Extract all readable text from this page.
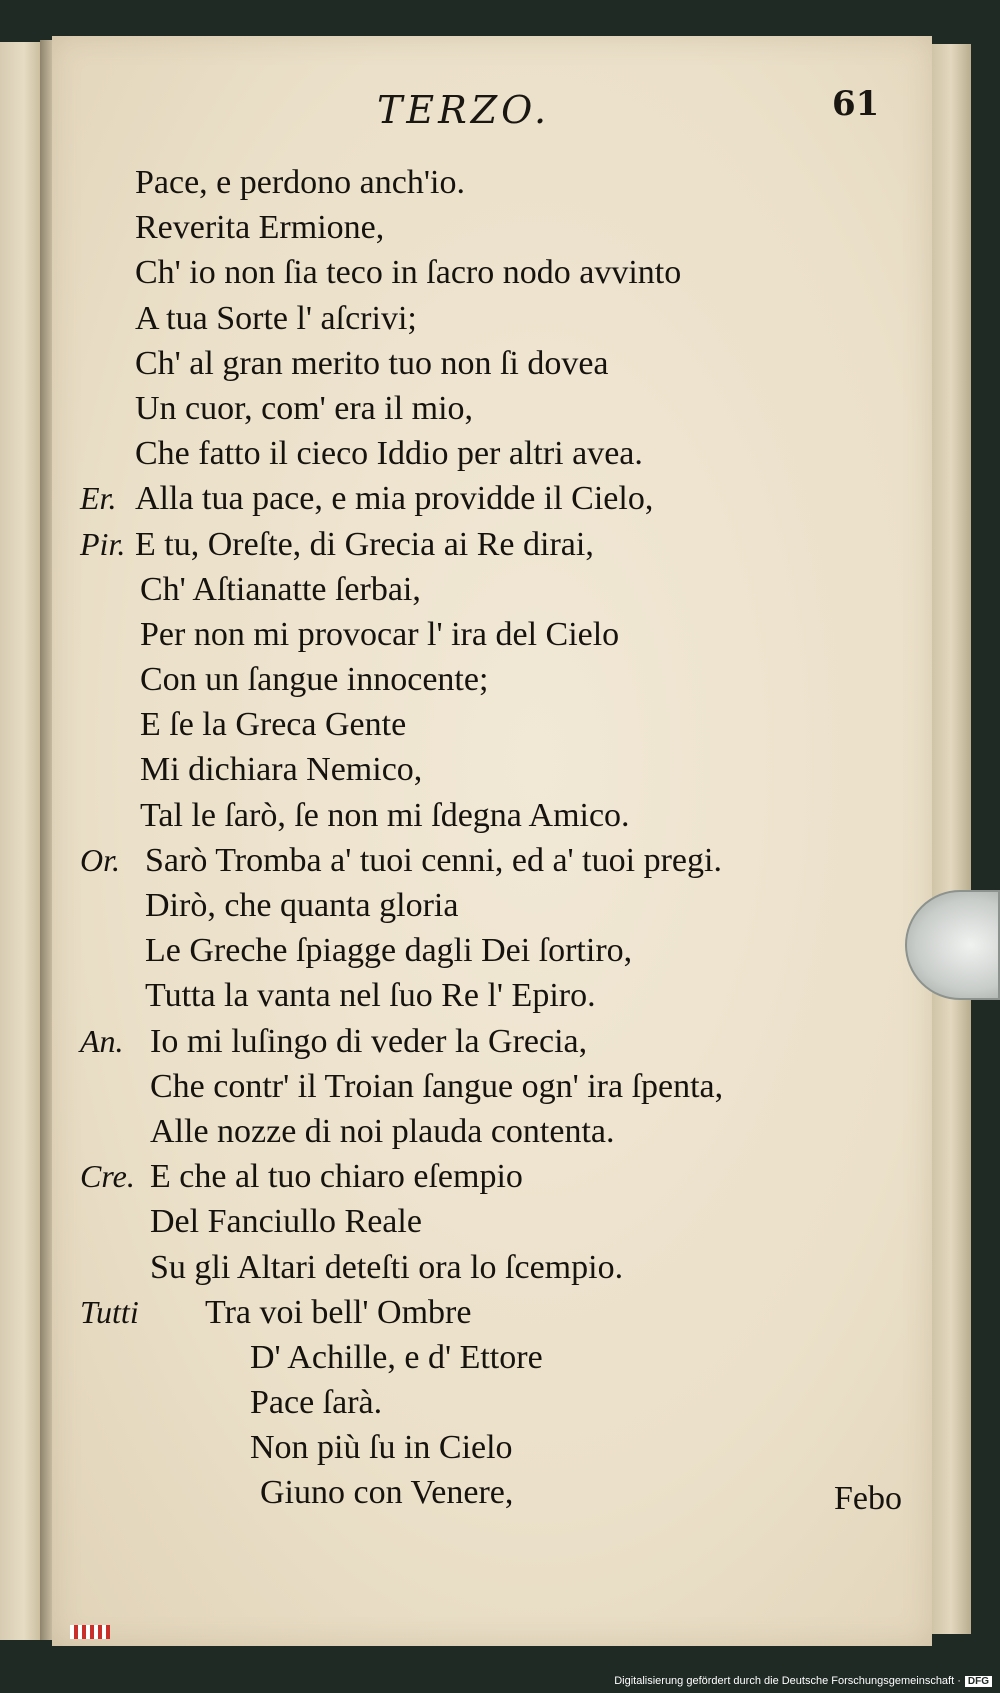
TERZO.	61
Pace, e perdono anch'io.
Reverita Ermione,
Ch' io non ſia teco in ſacro nodo avvinto
A tua Sorte l' aſcrivi;
Ch' al gran merito tuo non ſi dovea
Un cuor, com' era il mio,
Che fatto il cieco Iddio per altri avea.
Er. Alla tua pace, e mia providde il Cielo,
Pir. E tu, Oreſte, di Grecia ai Re dirai,
Ch' Aſtianatte ſerbai,
Per non mi provocar l' ira del Cielo
Con un ſangue innocente;
E ſe la Greca Gente
Mi dichiara Nemico,
Tal le ſarò, ſe non mi ſdegna Amico.
Or. Sarò Tromba a' tuoi cenni, ed a' tuoi pregi.
Dirò, che quanta gloria
Le Greche ſpiagge dagli Dei ſortiro,
Tutta la vanta nel ſuo Re l' Epiro.
An. Io mi luſingo di veder la Grecia,
Che contr' il Troian ſangue ogn' ira ſpenta,
Alle nozze di noi plauda contenta.
Cre. E che al tuo chiaro eſempio
Del Fanciullo Reale
Su gli Altari deteſti ora lo ſcempio.
Tutti Tra voi bell' Ombre
D' Achille, e d' Ettore
Pace ſarà.
Non più ſu in Cielo
Giuno con Venere,	Febo
Digitalisierung gefördert durch die Deutsche Forschungsgemeinschaft · DFG
